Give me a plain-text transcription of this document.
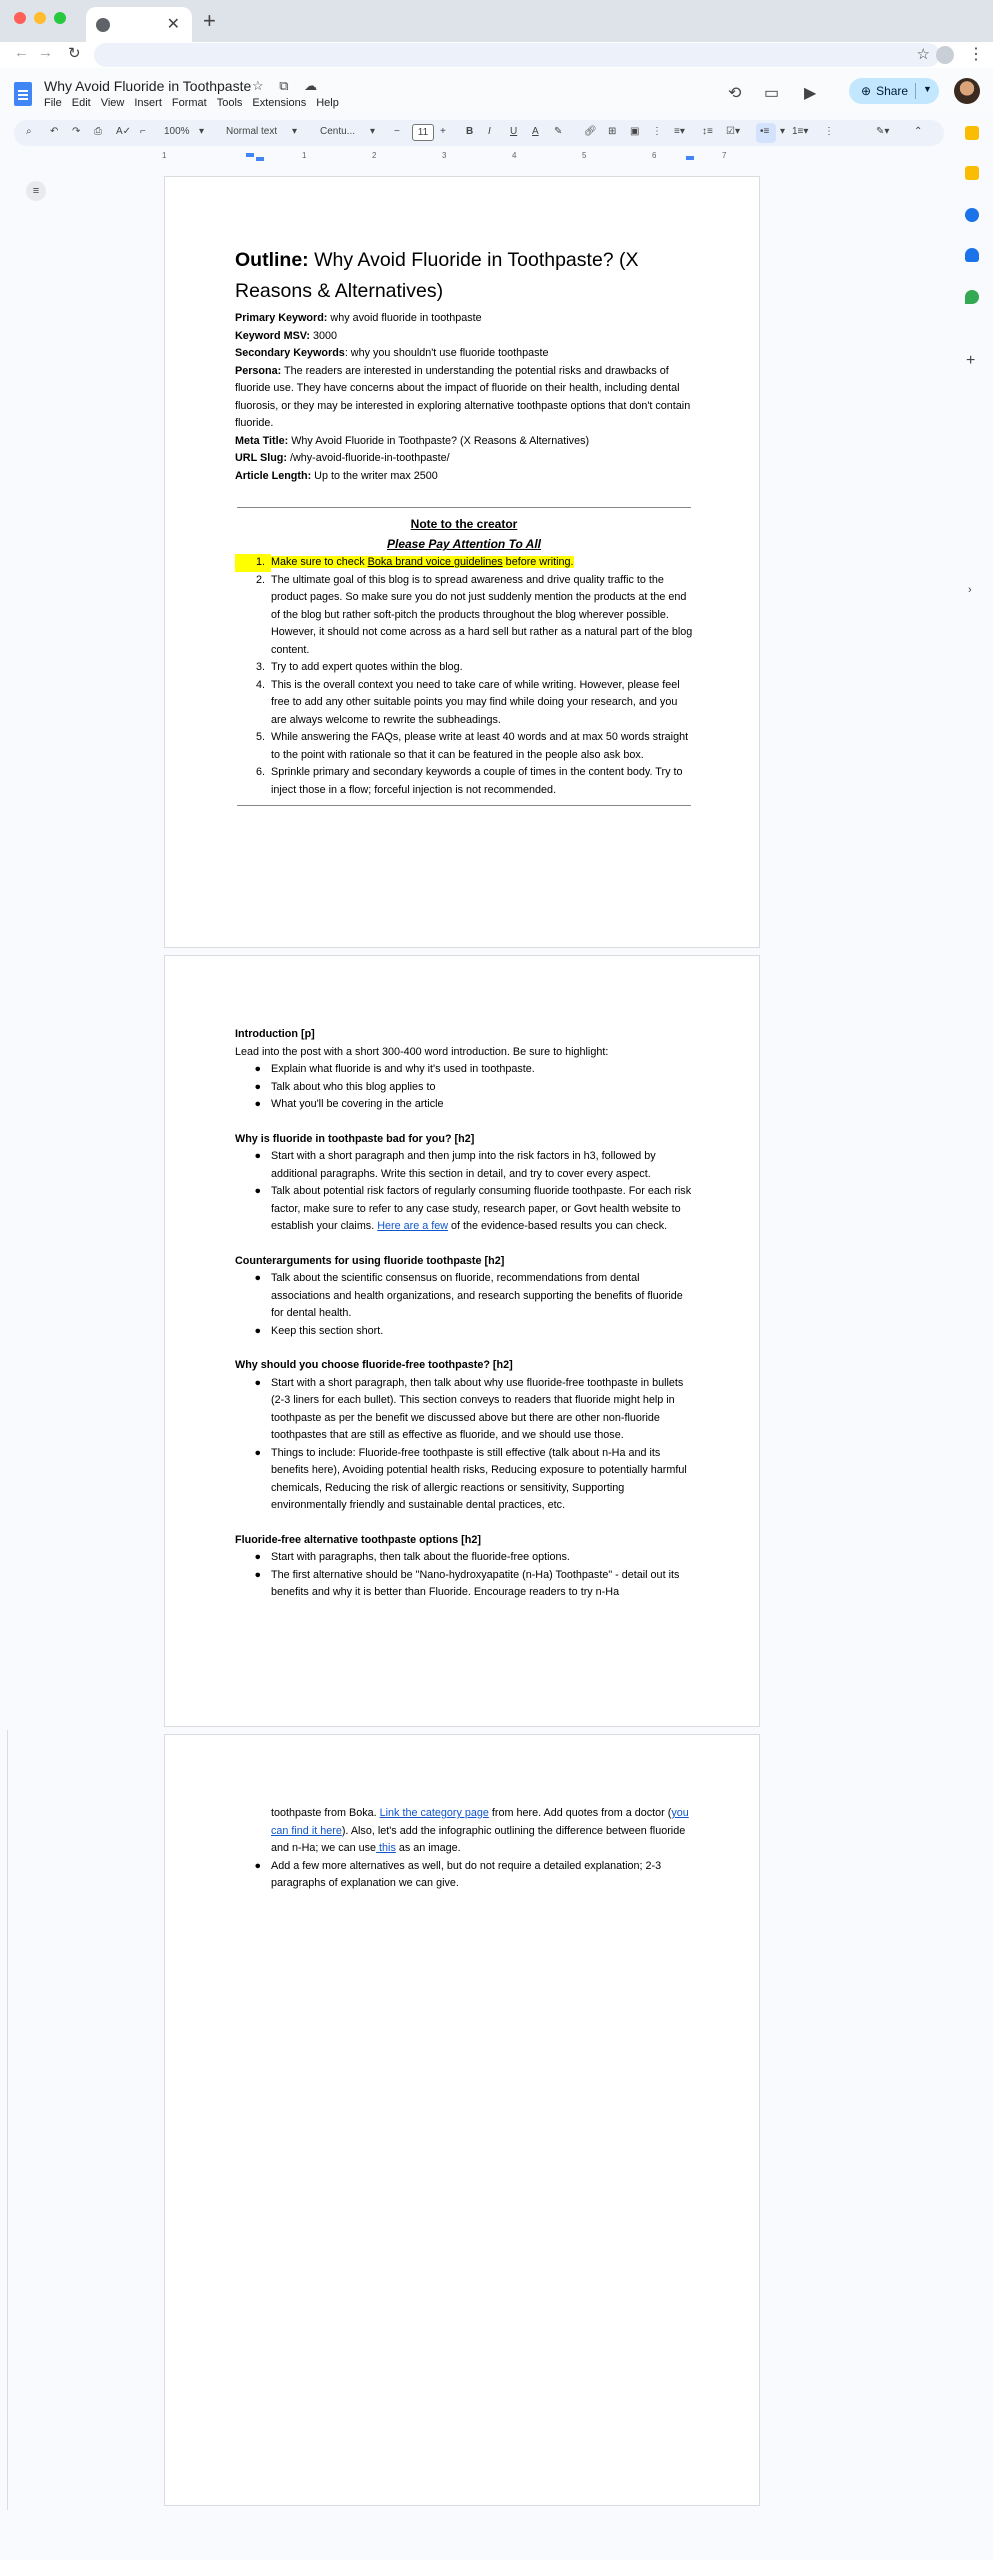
✕ +
← → ↻	☆ ⋮
Why Avoid Fluoride in Toothpaste ☆ ⧉ ☁
File Edit View Insert Format Tools Extensions Help
⟲ ▭ ▶	⊕ Share ▼
⌕ ↶ ↷ ⎙ A✓ ⌐ 100% ▾ Normal text ▾ Centu... ▾ −	11	+ B I U A ✎ 🔗︎ ⊞ ▣ ⋮ ≡▾ ↕≡ ☑▾ •≡ ▾ 1≡▾ ⋮	✎▾ ⌃
+
›
1	1	2	3	4	5	6	7
≡

Outline: Why Avoid Fluoride in Toothpaste? (X Reasons & Alternatives)

Primary Keyword: why avoid fluoride in toothpaste

Keyword MSV: 3000

Secondary Keywords: why you shouldn't use fluoride toothpaste

Persona: The readers are interested in understanding the potential risks and drawbacks of fluoride use. They have concerns about the impact of fluoride on their health, including dental fluorosis, or they may be interested in exploring alternative toothpaste options that don't contain fluoride.

Meta Title: Why Avoid Fluoride in Toothpaste? (X Reasons & Alternatives)

URL Slug: /why-avoid-fluoride-in-toothpaste/

Article Length: Up to the writer max 2500

Note to the creator

Please Pay Attention To All

1. Make sure to check Boka brand voice guidelines before writing.
2. The ultimate goal of this blog is to spread awareness and drive quality traffic to the product pages. So make sure you do not just suddenly mention the products at the end of the blog but rather soft-pitch the products throughout the blog wherever possible. However, it should not come across as a hard sell but rather as a natural part of the blog content.
3. Try to add expert quotes within the blog.
4. This is the overall context you need to take care of while writing. However, please feel free to add any other suitable points you may find while doing your research, and you are always welcome to rewrite the subheadings.
5. While answering the FAQs, please write at least 40 words and at max 50 words straight to the point with rationale so that it can be featured in the people also ask box.
6. Sprinkle primary and secondary keywords a couple of times in the content body. Try to inject those in a flow; forceful injection is not recommended.

Introduction [p]

Lead into the post with a short 300-400 word introduction. Be sure to highlight:

● Explain what fluoride is and why it's used in toothpaste.
● Talk about who this blog applies to
● What you'll be covering in the article

Why is fluoride in toothpaste bad for you? [h2]

● Start with a short paragraph and then jump into the risk factors in h3, followed by additional paragraphs. Write this section in detail, and try to cover every aspect.
● Talk about potential risk factors of regularly consuming fluoride toothpaste. For each risk factor, make sure to refer to any case study, research paper, or Govt health website to establish your claims. Here are a few of the evidence-based results you can check.

Counterarguments for using fluoride toothpaste [h2]

● Talk about the scientific consensus on fluoride, recommendations from dental associations and health organizations, and research supporting the benefits of fluoride for dental health.
● Keep this section short.

Why should you choose fluoride-free toothpaste? [h2]

● Start with a short paragraph, then talk about why use fluoride-free toothpaste in bullets (2-3 liners for each bullet). This section conveys to readers that fluoride might help in toothpaste as per the benefit we discussed above but there are other non-fluoride toothpastes that are still as effective as fluoride, and we should use those.
● Things to include: Fluoride-free toothpaste is still effective (talk about n-Ha and its benefits here), Avoiding potential health risks, Reducing exposure to potentially harmful chemicals, Reducing the risk of allergic reactions or sensitivity, Supporting environmentally friendly and sustainable dental practices, etc.

Fluoride-free alternative toothpaste options [h2]

● Start with paragraphs, then talk about the fluoride-free options.
● The first alternative should be "Nano-hydroxyapatite (n-Ha) Toothpaste" - detail out its benefits and why it is better than Fluoride. Encourage readers to try n-Ha

toothpaste from Boka. Link the category page from here. Add quotes from a doctor (you can find it here). Also, let's add the infographic outlining the difference between fluoride and n-Ha; we can use this as an image.

● Add a few more alternatives as well, but do not require a detailed explanation; 2-3 paragraphs of explanation we can give.
